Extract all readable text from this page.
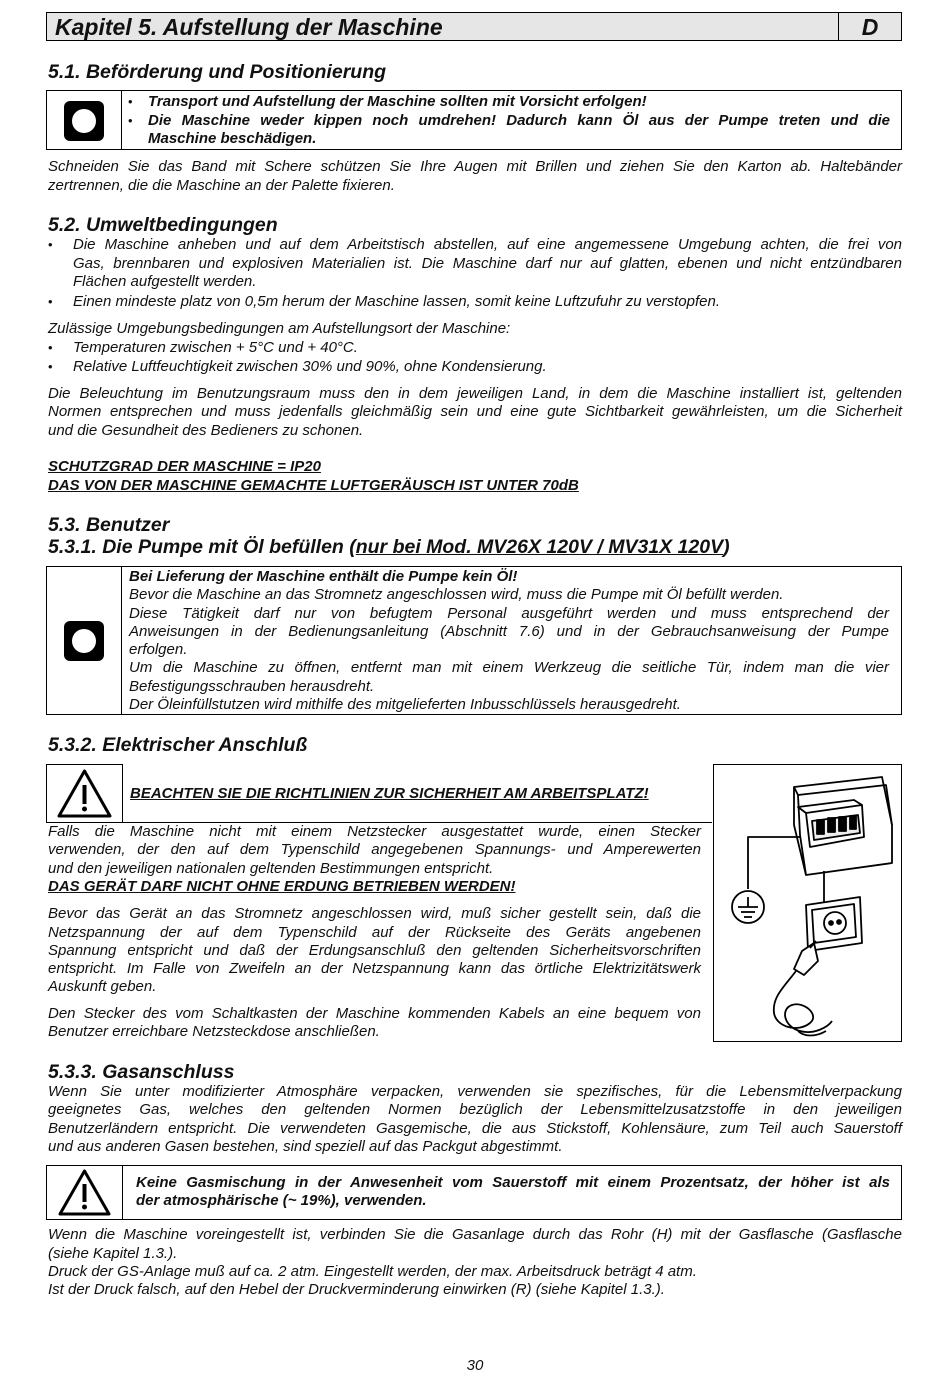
Kapitel 5. Aufstellung der Maschine	D
5.1. Beförderung und Positionierung
• Transport und Aufstellung der Maschine sollten mit Vorsicht erfolgen!
• Die Maschine weder kippen noch umdrehen! Dadurch kann Öl aus der Pumpe treten und die
Maschine beschädigen.
Schneiden Sie das Band mit Schere schützen Sie Ihre Augen mit Brillen und ziehen Sie den Karton ab. Haltebänder
zertrennen, die die Maschine an der Palette fixieren.
5.2. Umweltbedingungen
• Die Maschine anheben und auf dem Arbeitstisch abstellen, auf eine angemessene Umgebung achten, die frei von
Gas, brennbaren und explosiven Materialien ist. Die Maschine darf nur auf glatten, ebenen und nicht entzündbaren
Flächen aufgestellt werden.
• Einen mindeste platz von 0,5m herum der Maschine lassen, somit keine Luftzufuhr zu verstopfen.
Zulässige Umgebungsbedingungen am Aufstellungsort der Maschine:
• Temperaturen zwischen + 5°C und + 40°C.
• Relative Luftfeuchtigkeit zwischen 30% und 90%, ohne Kondensierung.
Die Beleuchtung im Benutzungsraum muss den in dem jeweiligen Land, in dem die Maschine installiert ist, geltenden
Normen entsprechen und muss jedenfalls gleichmäßig sein und eine gute Sichtbarkeit gewährleisten, um die Sicherheit
und die Gesundheit des Bedieners zu schonen.
SCHUTZGRAD DER MASCHINE = IP20
DAS VON DER MASCHINE GEMACHTE LUFTGERÄUSCH IST UNTER 70dB
5.3. Benutzer
5.3.1. Die Pumpe mit Öl befüllen (nur bei Mod. MV26X 120V / MV31X 120V)
Bei Lieferung der Maschine enthält die Pumpe kein Öl!
Bevor die Maschine an das Stromnetz angeschlossen wird, muss die Pumpe mit Öl befüllt werden.
Diese Tätigkeit darf nur von befugtem Personal ausgeführt werden und muss entsprechend der
Anweisungen in der Bedienungsanleitung (Abschnitt 7.6) und in der Gebrauchsanweisung der Pumpe
erfolgen.
Um die Maschine zu öffnen, entfernt man mit einem Werkzeug die seitliche Tür, indem man die vier
Befestigungsschrauben herausdreht.
Der Öleinfüllstutzen wird mithilfe des mitgelieferten Inbusschlüssels herausgedreht.
5.3.2. Elektrischer Anschluß
BEACHTEN SIE DIE RICHTLINIEN ZUR SICHERHEIT AM ARBEITSPLATZ!
Falls die Maschine nicht mit einem Netzstecker ausgestattet wurde, einen Stecker
verwenden, der den auf dem Typenschild angegebenen Spannungs- und Amperewerten
und den jeweiligen nationalen geltenden Bestimmungen entspricht.
DAS GERÄT DARF NICHT OHNE ERDUNG BETRIEBEN WERDEN!
Bevor das Gerät an das Stromnetz angeschlossen wird, muß sicher gestellt sein, daß die
Netzspannung der auf dem Typenschild auf der Rückseite des Geräts angebenen
Spannung entspricht und daß der Erdungsanschluß den geltenden Sicherheitsvorschriften
entspricht. Im Falle von Zweifeln an der Netzspannung kann das örtliche Elektrizitätswerk
Auskunft geben.
Den Stecker des vom Schaltkasten der Maschine kommenden Kabels an eine bequem von
Benutzer erreichbare Netzsteckdose anschließen.
5.3.3. Gasanschluss
Wenn Sie unter modifizierter Atmosphäre verpacken, verwenden sie spezifisches, für die Lebensmittelverpackung
geeignetes Gas, welches den geltenden Normen bezüglich der Lebensmittelzusatzstoffe in den jeweiligen
Benutzerländern entspricht. Die verwendeten Gasgemische, die aus Stickstoff, Kohlensäure, zum Teil auch Sauerstoff
und aus anderen Gasen bestehen, sind speziell auf das Packgut abgestimmt.
Keine Gasmischung in der Anwesenheit vom Sauerstoff mit einem Prozentsatz, der höher ist als
der atmosphärische (~ 19%), verwenden.
Wenn die Maschine voreingestellt ist, verbinden Sie die Gasanlage durch das Rohr (H) mit der Gasflasche (Gasflasche
(siehe Kapitel 1.3.).
Druck der GS-Anlage muß auf ca. 2 atm. Eingestellt werden, der max. Arbeitsdruck beträgt 4 atm.
Ist der Druck falsch, auf den Hebel der Druckverminderung einwirken (R) (siehe Kapitel 1.3.).
30
